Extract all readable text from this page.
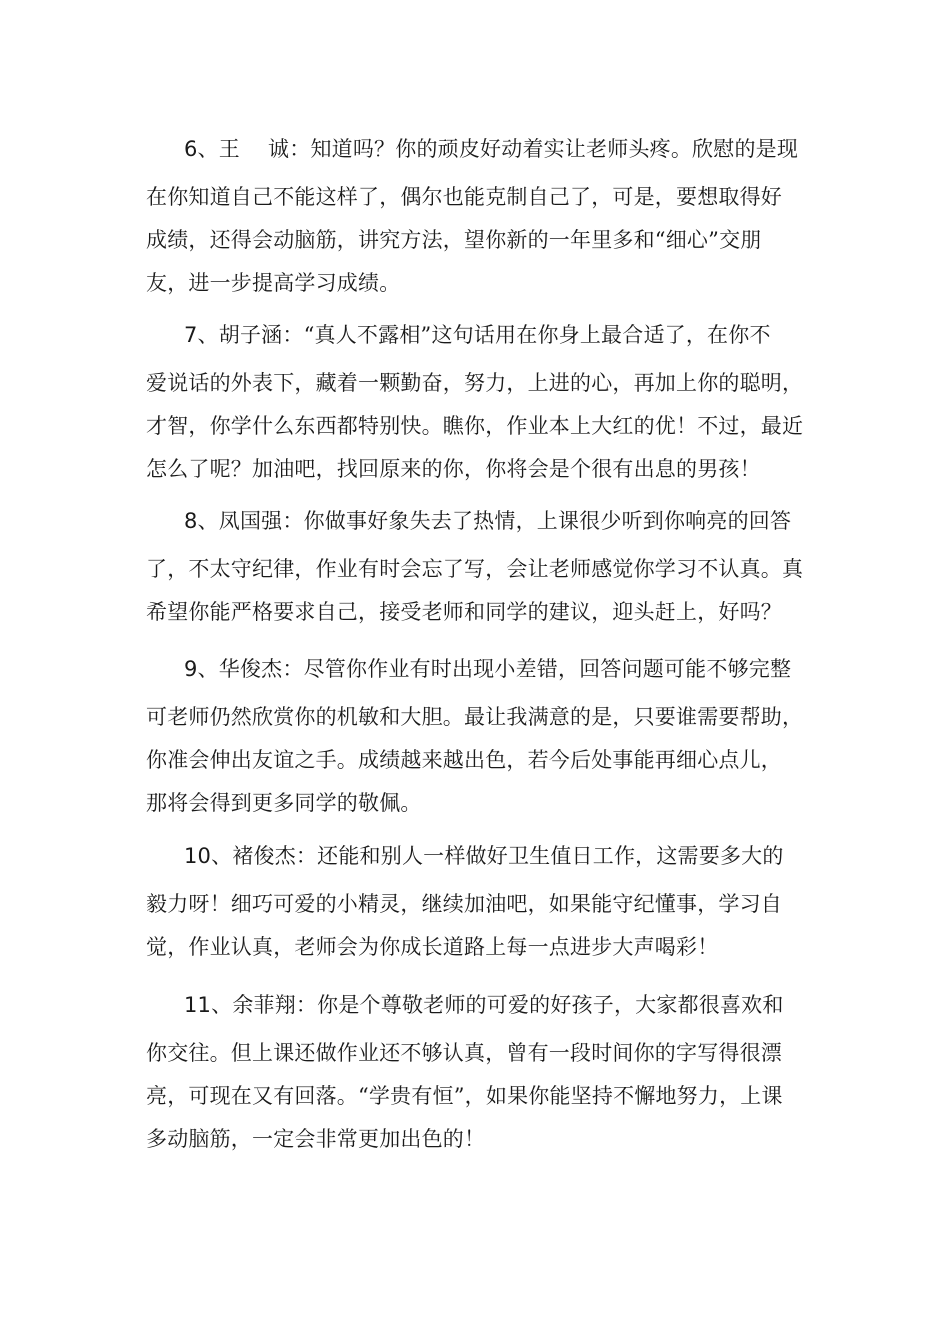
6、王　 诚：知道吗？你的顽皮好动着实让老师头疼。欣慰的是现
在你知道自己不能这样了，偶尔也能克制自己了，可是，要想取得好
成绩，还得会动脑筋，讲究方法，望你新的一年里多和“细心”交朋
友，进一步提高学习成绩。
7、胡子涵：“真人不露相”这句话用在你身上最合适了，在你不
爱说话的外表下，藏着一颗勤奋，努力，上进的心，再加上你的聪明，
才智，你学什么东西都特别快。瞧你，作业本上大红的优！不过，最近
怎么了呢？加油吧，找回原来的你，你将会是个很有出息的男孩！
8、凤国强：你做事好象失去了热情，上课很少听到你响亮的回答
了，不太守纪律，作业有时会忘了写，会让老师感觉你学习不认真。真
希望你能严格要求自己，接受老师和同学的建议，迎头赶上，好吗？
9、华俊杰：尽管你作业有时出现小差错，回答问题可能不够完整
可老师仍然欣赏你的机敏和大胆。最让我满意的是，只要谁需要帮助，
你准会伸出友谊之手。成绩越来越出色，若今后处事能再细心点儿，
那将会得到更多同学的敬佩。
10、褚俊杰：还能和别人一样做好卫生值日工作，这需要多大的
毅力呀！细巧可爱的小精灵，继续加油吧，如果能守纪懂事，学习自
觉，作业认真，老师会为你成长道路上每一点进步大声喝彩！
11、余菲翔：你是个尊敬老师的可爱的好孩子，大家都很喜欢和
你交往。但上课还做作业还不够认真，曾有一段时间你的字写得很漂
亮，可现在又有回落。“学贵有恒”，如果你能坚持不懈地努力，上课
多动脑筋，一定会非常更加出色的！
